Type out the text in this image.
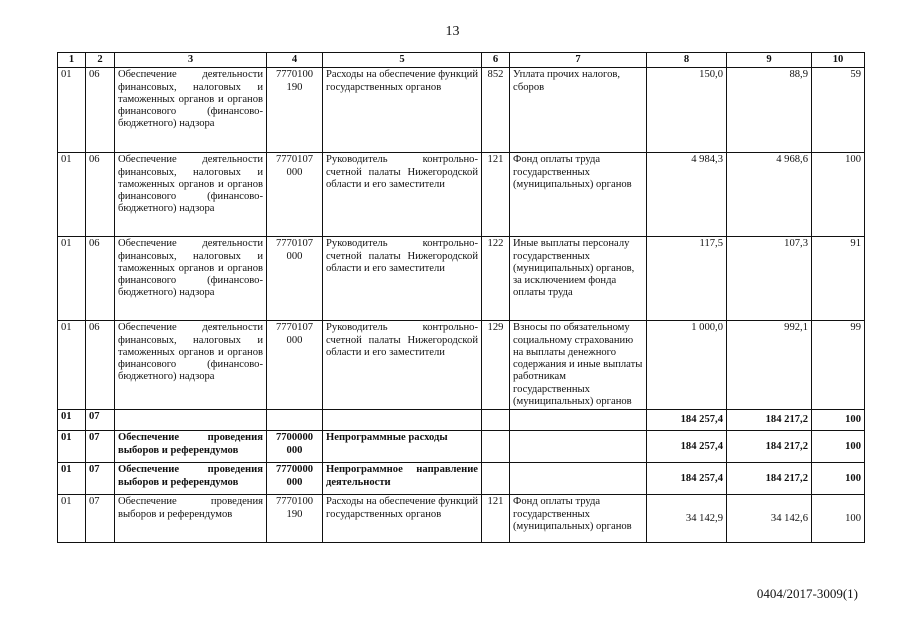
13
1	2	3	4	5	6	7	8	9	10
01	06	Обеспечение деятельности финансовых, налоговых и таможенных органов и органов финансового (финансово-бюджетного) надзора	7770100 190	Расходы на обеспечение функций государственных органов	852	Уплата прочих налогов, сборов	150,0	88,9	59
01	06	Обеспечение деятельности финансовых, налоговых и таможенных органов и органов финансового (финансово-бюджетного) надзора	7770107 000	Руководитель контрольно-счетной палаты Нижегородской области и его заместители	121	Фонд оплаты труда государственных (муниципальных) органов	4 984,3	4 968,6	100
01	06	Обеспечение деятельности финансовых, налоговых и таможенных органов и органов финансового (финансово-бюджетного) надзора	7770107 000	Руководитель контрольно-счетной палаты Нижегородской области и его заместители	122	Иные выплаты персоналу государственных (муниципальных) органов, за исключением фонда оплаты труда	117,5	107,3	91
01	06	Обеспечение деятельности финансовых, налоговых и таможенных органов и органов финансового (финансово-бюджетного) надзора	7770107 000	Руководитель контрольно-счетной палаты Нижегородской области и его заместители	129	Взносы по обязательному социальному страхованию на выплаты денежного содержания и иные выплаты работникам государственных (муниципальных) органов	1 000,0	992,1	99
01	07						184 257,4	184 217,2	100
01	07	Обеспечение проведения выборов и референдумов	7700000 000	Непрограммные расходы			184 257,4	184 217,2	100
01	07	Обеспечение проведения выборов и референдумов	7770000 000	Непрограммное направление деятельности			184 257,4	184 217,2	100
01	07	Обеспечение проведения выборов и референдумов	7770100 190	Расходы на обеспечение функций государственных органов	121	Фонд оплаты труда государственных (муниципальных) органов	34 142,9	34 142,6	100
0404/2017-3009(1)
